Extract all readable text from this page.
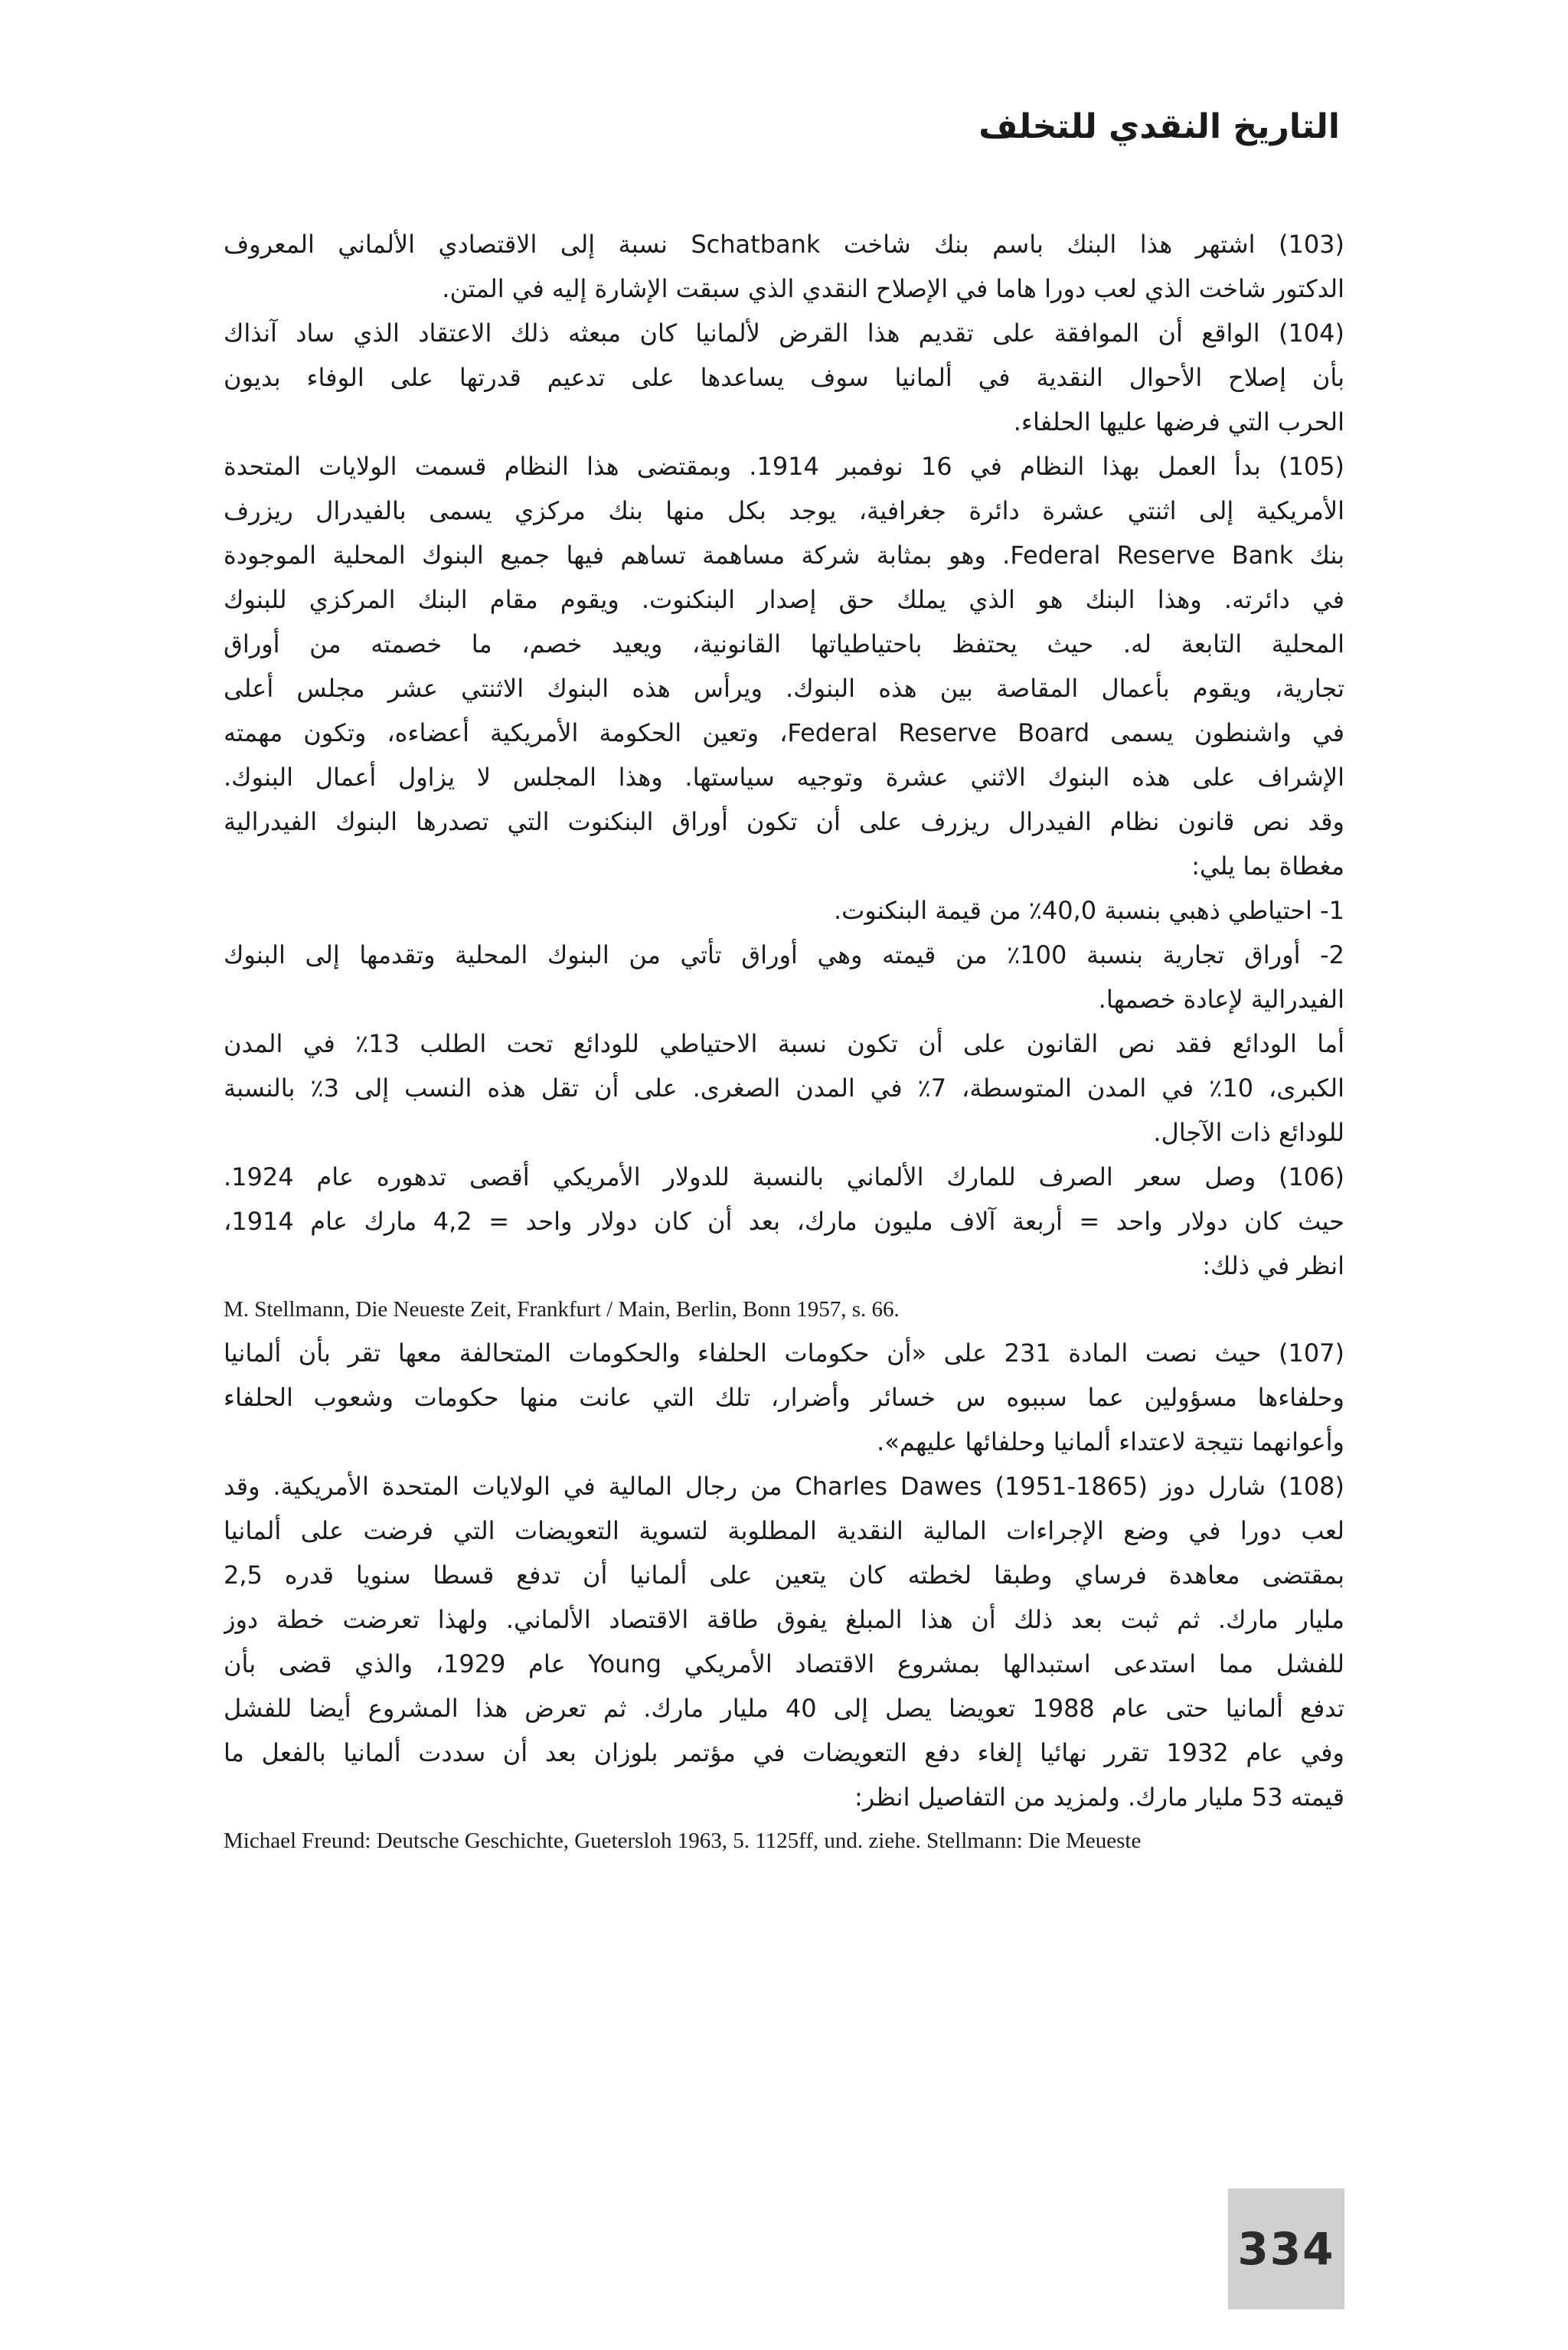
التاريخ النقدي للتخلف
(103) اشتهر هذا البنك باسم بنك شاخت Schatbank نسبة إلى الاقتصادي الألماني المعروف
الدكتور شاخت الذي لعب دورا هاما في الإصلاح النقدي الذي سبقت الإشارة إليه في المتن.
(104) الواقع أن الموافقة على تقديم هذا القرض لألمانيا كان مبعثه ذلك الاعتقاد الذي ساد آنذاك
بأن إصلاح الأحوال النقدية في ألمانيا سوف يساعدها على تدعيم قدرتها على الوفاء بديون
الحرب التي فرضها عليها الحلفاء.
(105) بدأ العمل بهذا النظام في 16 نوفمبر 1914. وبمقتضى هذا النظام قسمت الولايات المتحدة
الأمريكية إلى اثنتي عشرة دائرة جغرافية، يوجد بكل منها بنك مركزي يسمى بالفيدرال ريزرف
بنك Federal Reserve Bank. وهو بمثابة شركة مساهمة تساهم فيها جميع البنوك المحلية الموجودة
في دائرته. وهذا البنك هو الذي يملك حق إصدار البنكنوت. ويقوم مقام البنك المركزي للبنوك
المحلية التابعة له. حيث يحتفظ باحتياطياتها القانونية، ويعيد خصم، ما خصمته من أوراق
تجارية، ويقوم بأعمال المقاصة بين هذه البنوك. ويرأس هذه البنوك الاثنتي عشر مجلس أعلى
في واشنطون يسمى Federal Reserve Board، وتعين الحكومة الأمريكية أعضاءه، وتكون مهمته
الإشراف على هذه البنوك الاثني عشرة وتوجيه سياستها. وهذا المجلس لا يزاول أعمال البنوك.
وقد نص قانون نظام الفيدرال ريزرف على أن تكون أوراق البنكنوت التي تصدرها البنوك الفيدرالية
مغطاة بما يلي:
1- احتياطي ذهبي بنسبة 40,0٪ من قيمة البنكنوت.
2- أوراق تجارية بنسبة 100٪ من قيمته وهي أوراق تأتي من البنوك المحلية وتقدمها إلى البنوك
الفيدرالية لإعادة خصمها.
أما الودائع فقد نص القانون على أن تكون نسبة الاحتياطي للودائع تحت الطلب 13٪ في المدن
الكبرى، 10٪ في المدن المتوسطة، 7٪ في المدن الصغرى. على أن تقل هذه النسب إلى 3٪ بالنسبة
للودائع ذات الآجال.
(106) وصل سعر الصرف للمارك الألماني بالنسبة للدولار الأمريكي أقصى تدهوره عام 1924.
حيث كان دولار واحد = أربعة آلاف مليون مارك، بعد أن كان دولار واحد = 4,2 مارك عام 1914،
انظر في ذلك:
M. Stellmann, Die Neueste Zeit, Frankfurt / Main, Berlin, Bonn 1957, s. 66.
(107) حيث نصت المادة 231 على «أن حكومات الحلفاء والحكومات المتحالفة معها تقر بأن ألمانيا
وحلفاءها مسؤولين عما سببوه س خسائر وأضرار، تلك التي عانت منها حكومات وشعوب الحلفاء
وأعوانهما نتيجة لاعتداء ألمانيا وحلفائها عليهم».
(108) شارل دوز (1865-1951) Charles Dawes من رجال المالية في الولايات المتحدة الأمريكية. وقد
لعب دورا في وضع الإجراءات المالية النقدية المطلوبة لتسوية التعويضات التي فرضت على ألمانيا
بمقتضى معاهدة فرساي وطبقا لخطته كان يتعين على ألمانيا أن تدفع قسطا سنويا قدره 2,5
مليار مارك. ثم ثبت بعد ذلك أن هذا المبلغ يفوق طاقة الاقتصاد الألماني. ولهذا تعرضت خطة دوز
للفشل مما استدعى استبدالها بمشروع الاقتصاد الأمريكي Young عام 1929، والذي قضى بأن
تدفع ألمانيا حتى عام 1988 تعويضا يصل إلى 40 مليار مارك. ثم تعرض هذا المشروع أيضا للفشل
وفي عام 1932 تقرر نهائيا إلغاء دفع التعويضات في مؤتمر بلوزان بعد أن سددت ألمانيا بالفعل ما
قيمته 53 مليار مارك. ولمزيد من التفاصيل انظر:
Michael Freund: Deutsche Geschichte, Guetersloh 1963, 5. 1125ff, und. ziehe. Stellmann: Die Meueste
334
